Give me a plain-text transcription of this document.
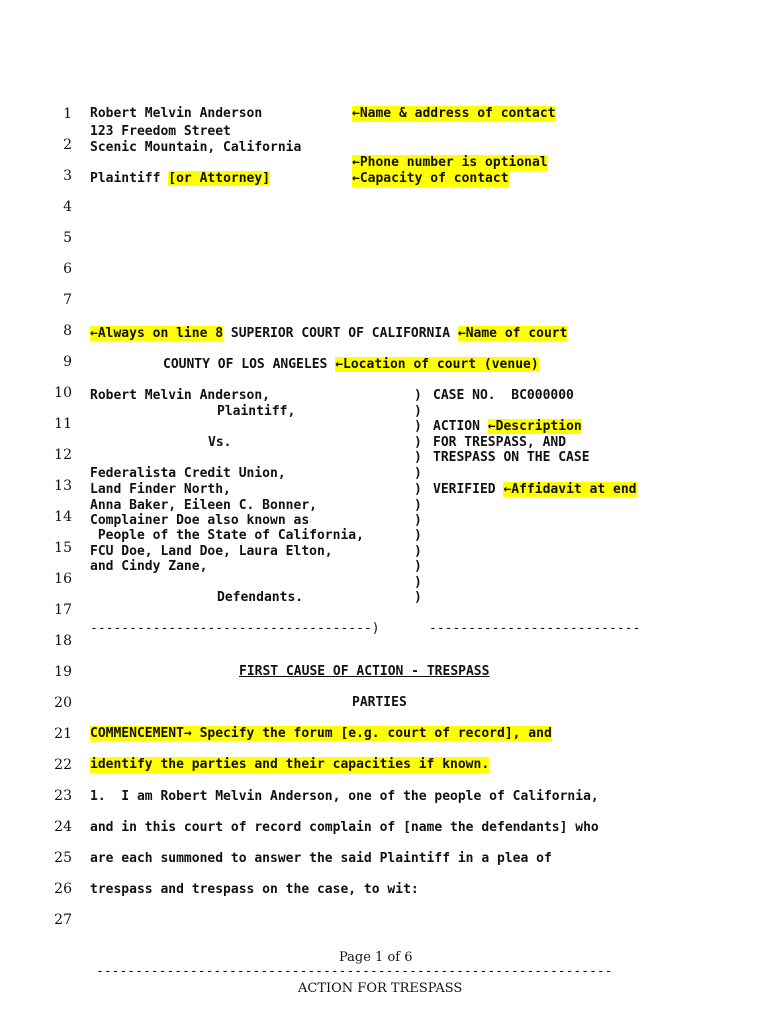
1
2
3
4
5
6
7
8
9
10
11
12
13
14
15
16
17
18
19
20
21
22
23
24
25
26
27
Robert Melvin Anderson
123 Freedom Street
Scenic Mountain, California
Plaintiff [or Attorney]
←Name & address of contact
←Phone number is optional
←Capacity of contact
←Always on line 8 SUPERIOR COURT OF CALIFORNIA ←Name of court
COUNTY OF LOS ANGELES ←Location of court (venue)
Robert Melvin Anderson,
Plaintiff,
Vs.
Federalista Credit Union,
Land Finder North,
Anna Baker, Eileen C. Bonner,
Complainer Doe also known as
People of the State of California,
FCU Doe, Land Doe, Laura Elton,
and Cindy Zane,
Defendants.
)
)
)
)
)
)
)
)
)
)
)
)
)
)
------------------------------------)	---------------------------
CASE NO.  BC000000
ACTION ←Description
FOR TRESPASS, AND
TRESPASS ON THE CASE
VERIFIED ←Affidavit at end
FIRST CAUSE OF ACTION - TRESPASS
PARTIES
COMMENCEMENT→ Specify the forum [e.g. court of record], and
identify the parties and their capacities if known.
1.  I am Robert Melvin Anderson, one of the people of California,
and in this court of record complain of [name the defendants] who
are each summoned to answer the said Plaintiff in a plea of
trespass and trespass on the case, to wit:
Page 1 of 6
------------------------------------------------------------------
ACTION FOR TRESPASS
